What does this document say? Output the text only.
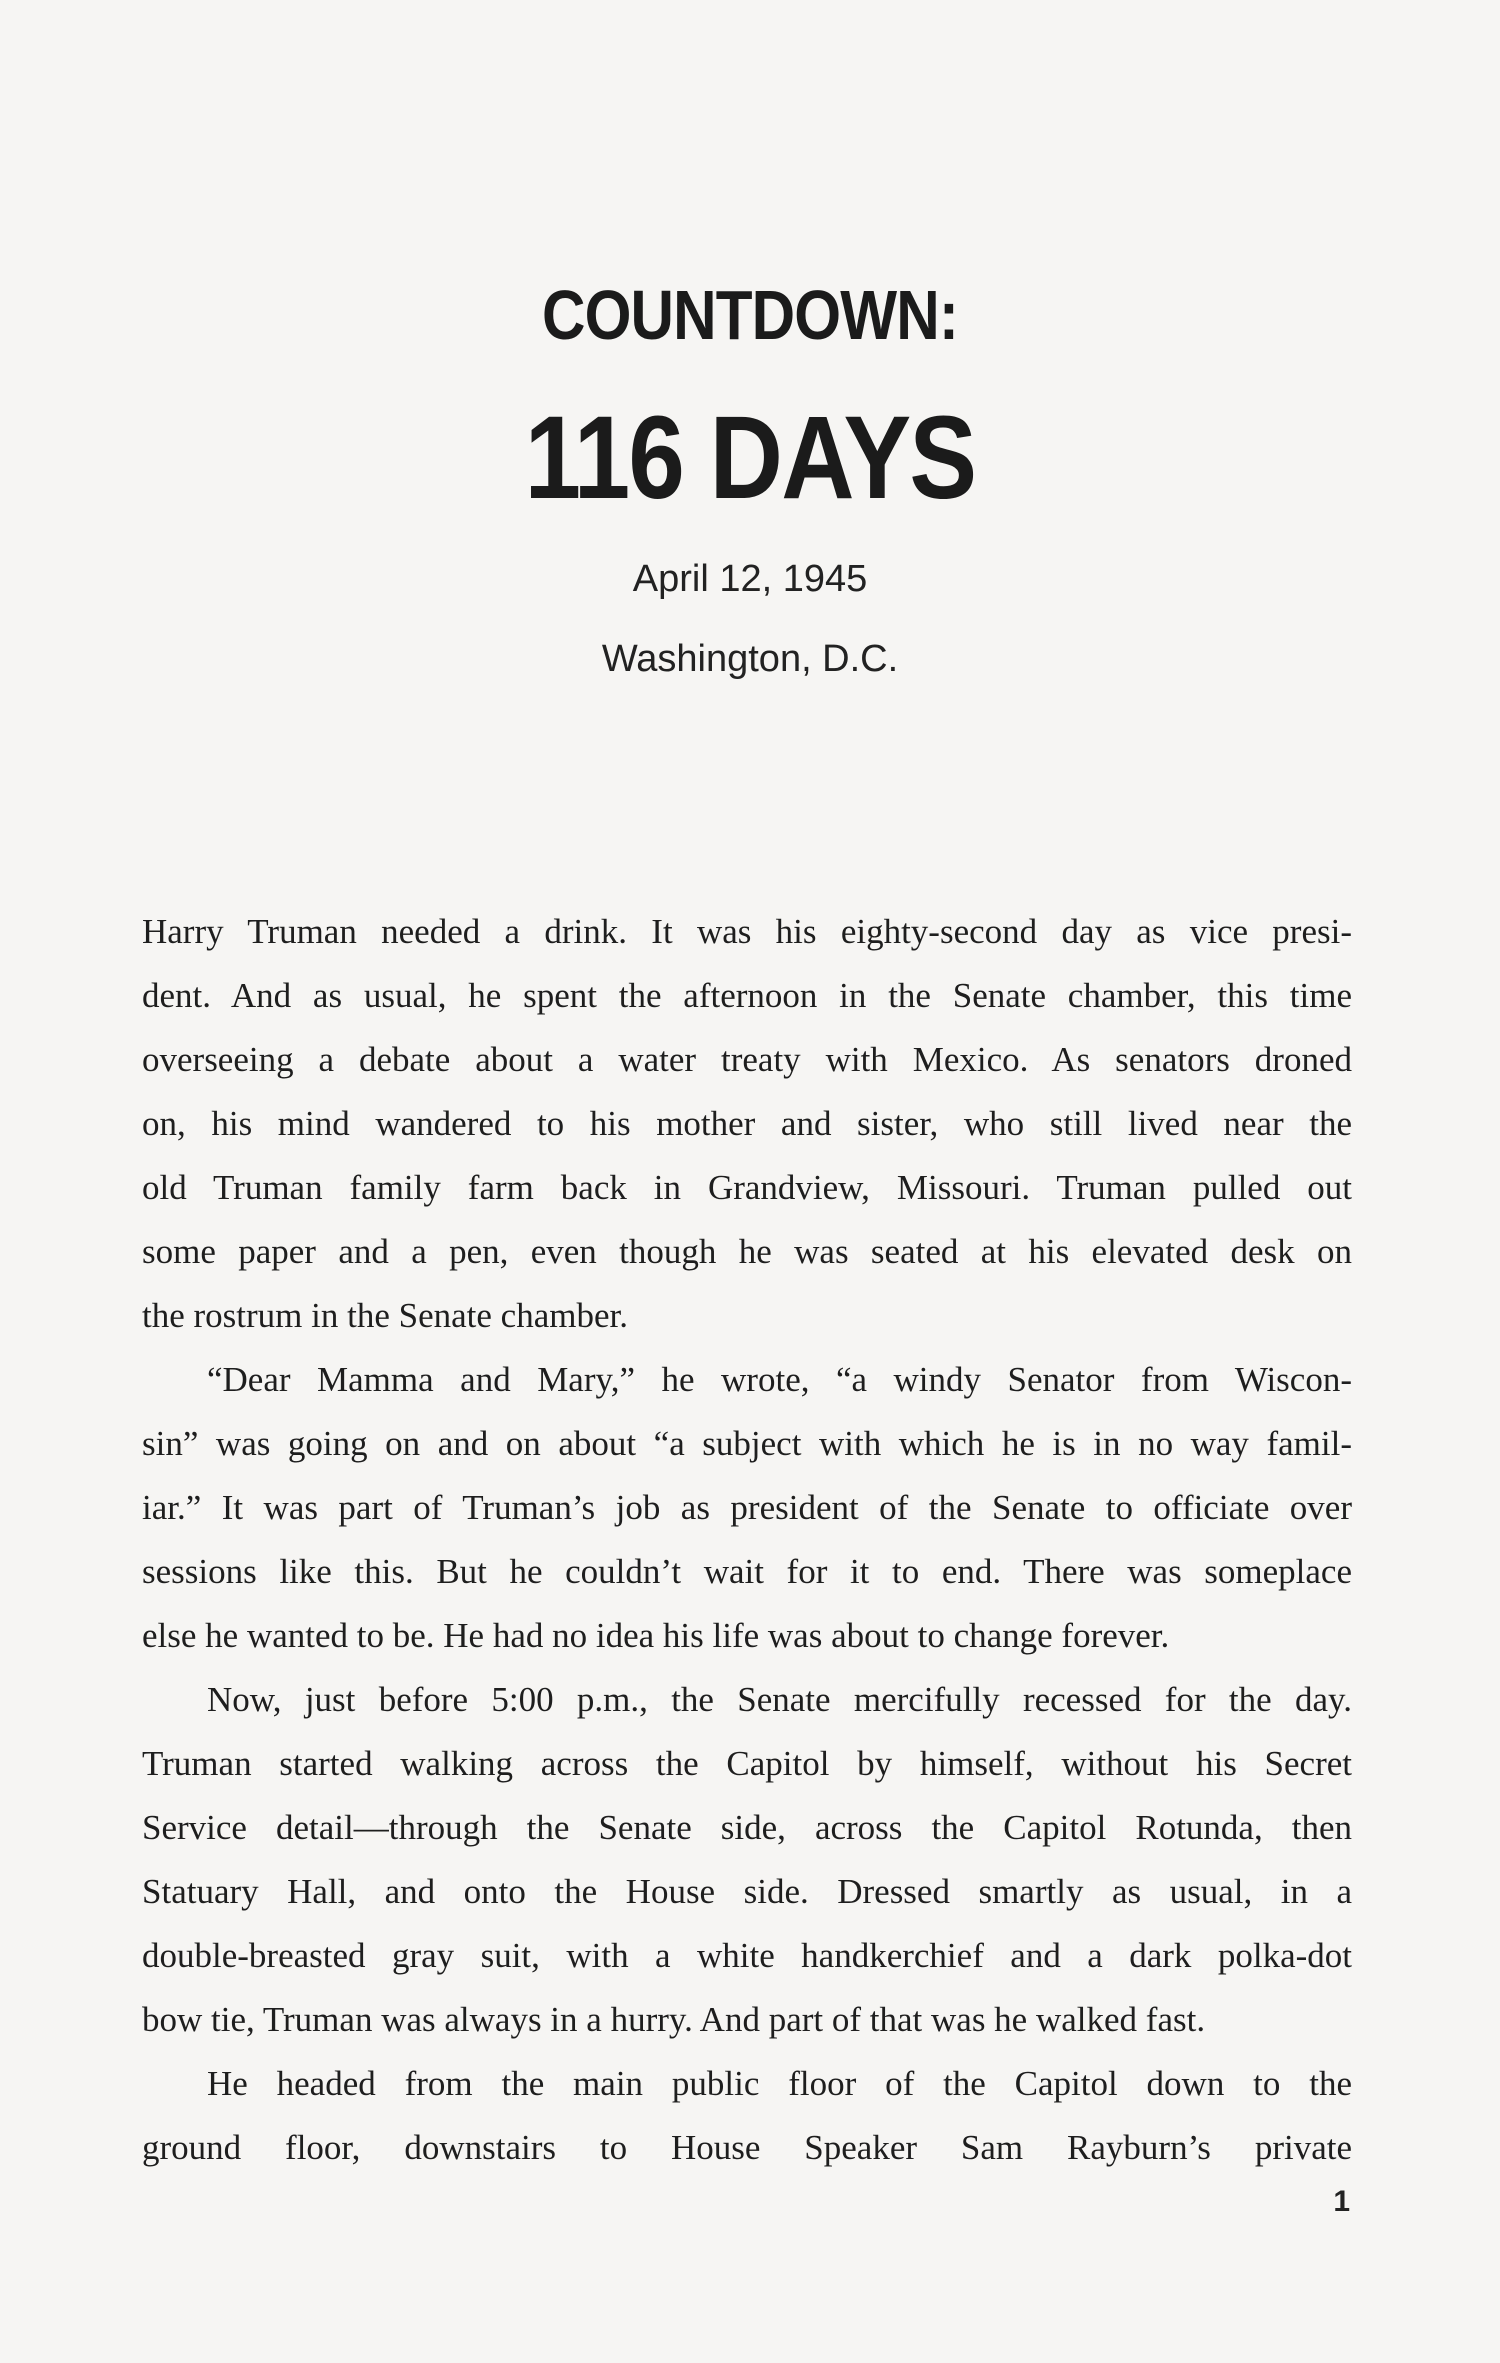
COUNTDOWN:
116 DAYS
April 12, 1945
Washington, D.C.

Harry Truman needed a drink. It was his eighty-second day as vice presi-
dent. And as usual, he spent the afternoon in the Senate chamber, this time
overseeing a debate about a water treaty with Mexico. As senators droned
on, his mind wandered to his mother and sister, who still lived near the
old Truman family farm back in Grandview, Missouri. Truman pulled out
some paper and a pen, even though he was seated at his elevated desk on
the rostrum in the Senate chamber.

“Dear Mamma and Mary,” he wrote, “a windy Senator from Wiscon-
sin” was going on and on about “a subject with which he is in no way famil-
iar.” It was part of Truman’s job as president of the Senate to officiate over
sessions like this. But he couldn’t wait for it to end. There was someplace
else he wanted to be. He had no idea his life was about to change forever.

Now, just before 5:00 p.m., the Senate mercifully recessed for the day.
Truman started walking across the Capitol by himself, without his Secret
Service detail—through the Senate side, across the Capitol Rotunda, then
Statuary Hall, and onto the House side. Dressed smartly as usual, in a
double-breasted gray suit, with a white handkerchief and a dark polka-dot
bow tie, Truman was always in a hurry. And part of that was he walked fast.

He headed from the main public floor of the Capitol down to the
ground floor, downstairs to House Speaker Sam Rayburn’s private

1
